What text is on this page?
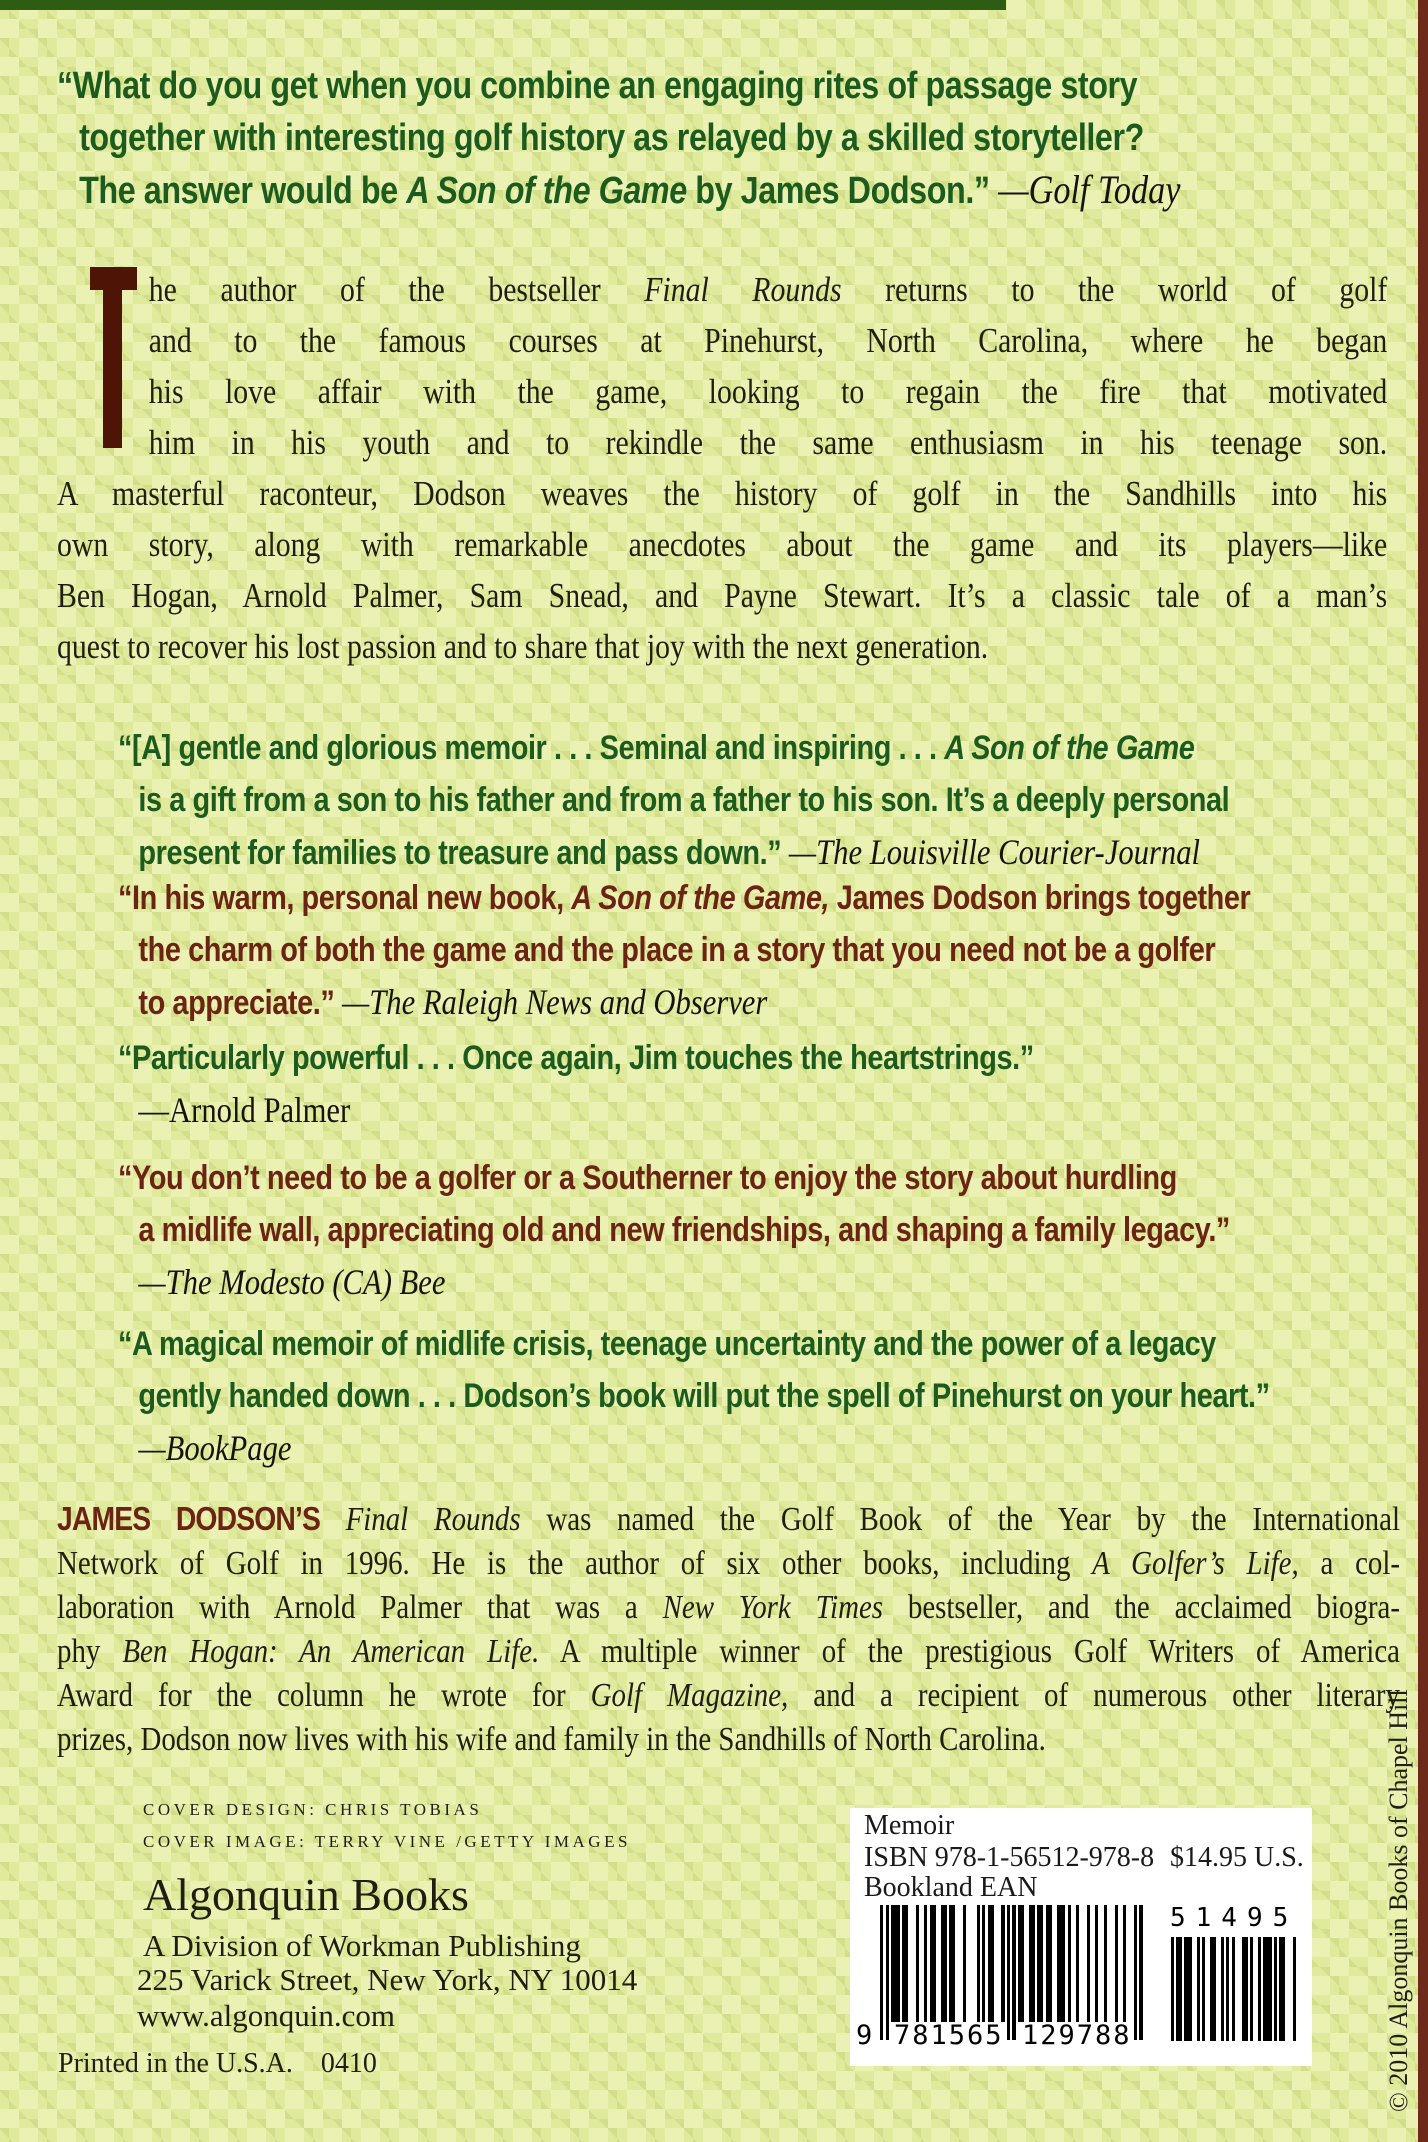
“What do you get when you combine an engaging rites of passage story
together with interesting golf history as relayed by a skilled storyteller?
The answer would be A Son of the Game by James Dodson.” —Golf Today
he author of the bestseller Final Rounds returns to the world of golf
and to the famous courses at Pinehurst, North Carolina, where he began
his love affair with the game, looking to regain the fire that motivated
him in his youth and to rekindle the same enthusiasm in his teenage son.
A masterful raconteur, Dodson weaves the history of golf in the Sandhills into his
own story, along with remarkable anecdotes about the game and its players—like
Ben Hogan, Arnold Palmer, Sam Snead, and Payne Stewart. It’s a classic tale of a man’s
quest to recover his lost passion and to share that joy with the next generation.
“[A] gentle and glorious memoir . . . Seminal and inspiring . . . A Son of the Game
is a gift from a son to his father and from a father to his son. It’s a deeply personal
present for families to treasure and pass down.” —The Louisville Courier-Journal
“In his warm, personal new book, A Son of the Game, James Dodson brings together
the charm of both the game and the place in a story that you need not be a golfer
to appreciate.” —The Raleigh News and Observer
“Particularly powerful . . . Once again, Jim touches the heartstrings.”
—Arnold Palmer
“You don’t need to be a golfer or a Southerner to enjoy the story about hurdling
a midlife wall, appreciating old and new friendships, and shaping a family legacy.”
—The Modesto (CA) Bee
“A magical memoir of midlife crisis, teenage uncertainty and the power of a legacy
gently handed down . . . Dodson’s book will put the spell of Pinehurst on your heart.”
—BookPage
JAMES DODSON’S Final Rounds was named the Golf Book of the Year by the International
Network of Golf in 1996. He is the author of six other books, including A Golfer’s Life, a col-
laboration with Arnold Palmer that was a New York Times bestseller, and the acclaimed biogra-
phy Ben Hogan: An American Life. A multiple winner of the prestigious Golf Writers of America
Award for the column he wrote for Golf Magazine, and a recipient of numerous other literary
prizes, Dodson now lives with his wife and family in the Sandhills of North Carolina.
COVER DESIGN: CHRIS TOBIAS
COVER IMAGE: TERRY VINE /GETTY IMAGES
Algonquin Books
A Division of Workman Publishing
225 Varick Street, New York, NY 10014
www.algonquin.com
Printed in the U.S.A.    0410
Memoir
ISBN 978-1-56512-978-8 $14.95 U.S.
Bookland EAN
9 781565 129788
51495	© 2010 Algonquin Books of Chapel Hill
